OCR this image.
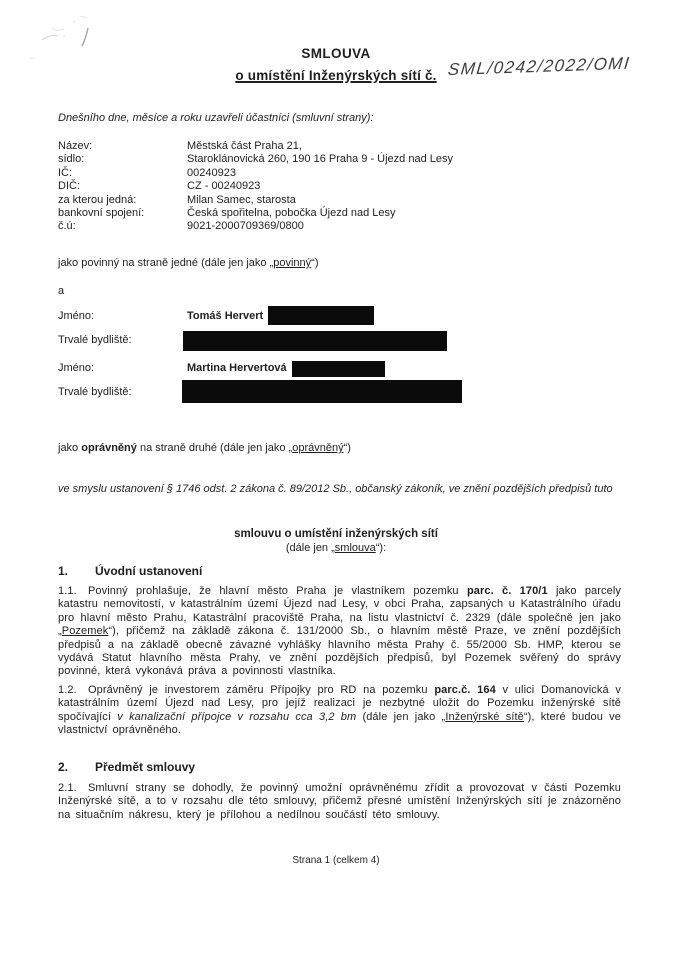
SMLOUVA
o umístění Inženýrských sítí č. SML/0242/2022/OMI
Dnešního dne, měsíce a roku uzavřeli účastníci (smluvní strany):
Název:	Městská část Praha 21,
sídlo:	Staroklánovická 260, 190 16 Praha 9 - Újezd nad Lesy
IČ:	00240923
DIČ:	CZ - 00240923
za kterou jedná:	Milan Samec, starosta
bankovní spojení:	Česká spořitelna, pobočka Újezd nad Lesy
č.ú:	9021-2000709369/0800
jako povinný na straně jedné (dále jen jako „povinný“)
a
Jméno:	Tomáš Hervert
Trvalé bydliště:
Jméno:	Martina Hervertová
Trvalé bydliště:
jako oprávněný na straně druhé (dále jen jako „oprávněný“)
ve smyslu ustanovení § 1746 odst. 2 zákona č. 89/2012 Sb., občanský zákoník, ve znění pozdějších předpisů tuto
smlouvu o umístění inženýrských sítí
(dále jen „smlouva“):
1.	Úvodní ustanovení
1.1.  Povinný prohlašuje, že hlavní město Praha je vlastníkem pozemku parc. č. 170/1 jako parcely katastru nemovitostí, v katastrálním území Újezd nad Lesy, v obci Praha, zapsaných u Katastrálního úřadu pro hlavní město Prahu, Katastrální pracoviště Praha, na listu vlastnictví č. 2329 (dále společně jen jako „Pozemek“), přičemž na základě zákona č. 131/2000 Sb., o hlavním městě Praze, ve znění pozdějších předpisů a na základě obecně závazné vyhlášky hlavního města Prahy č. 55/2000 Sb. HMP, kterou se vydává Statut hlavního města Prahy, ve znění pozdějších předpisů, byl Pozemek svěřený do správy povinné, která vykonává práva a povinnosti vlastníka.
1.2.  Oprávněný je investorem záměru Přípojky pro RD na pozemku parc.č. 164 v ulici Domanovická v katastrálním území Újezd nad Lesy, pro jejíž realizaci je nezbytné uložit do Pozemku inženýrské sítě spočívající v kanalizační přípojce v rozsahu cca 3,2 bm (dále jen jako „Inženýrské sítě“), které budou ve vlastnictví oprávněného.
2.	Předmět smlouvy
2.1.  Smluvní strany se dohodly, že povinný umožní oprávněnému zřídit a provozovat v části Pozemku Inženýrské sítě, a to v rozsahu dle této smlouvy, přičemž přesné umístění Inženýrských sítí je znázorněno na situačním nákresu, který je přílohou a nedílnou součástí této smlouvy.
Strana 1 (celkem 4)
